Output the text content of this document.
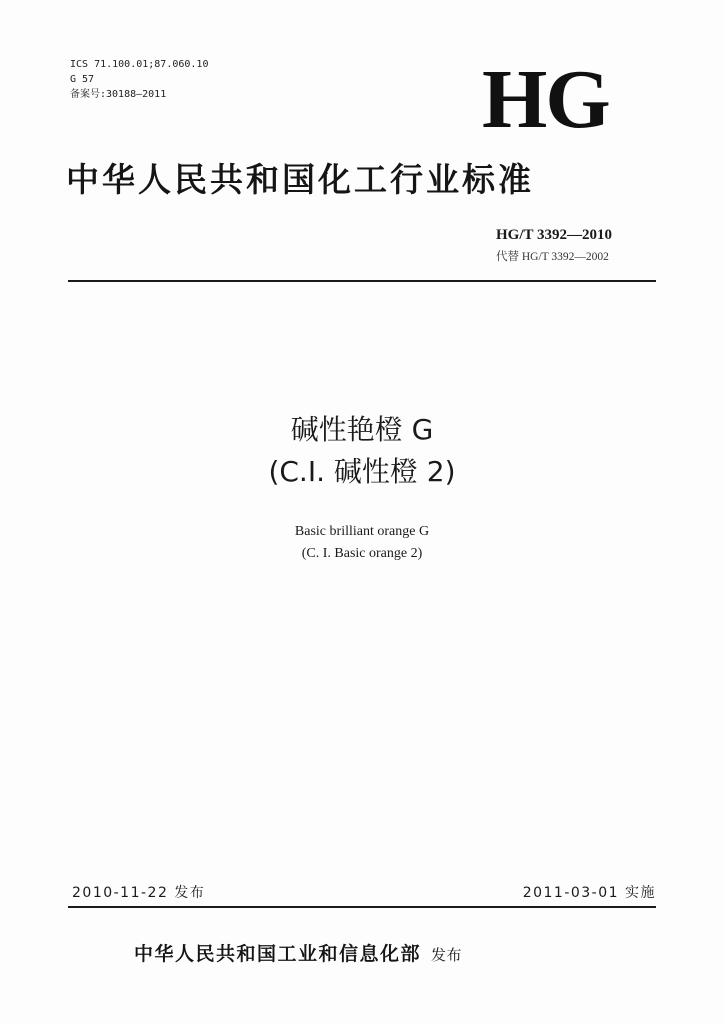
ICS 71.100.01;87.060.10
G 57
备案号:30188—2011	HG
中华人民共和国化工行业标准
HG/T 3392—2010
代替 HG/T 3392—2002
碱性艳橙 G
(C.I. 碱性橙 2)
Basic brilliant orange G
(C. I. Basic orange 2)
2010-11-22 发布	2011-03-01 实施
中华人民共和国工业和信息化部 发布
